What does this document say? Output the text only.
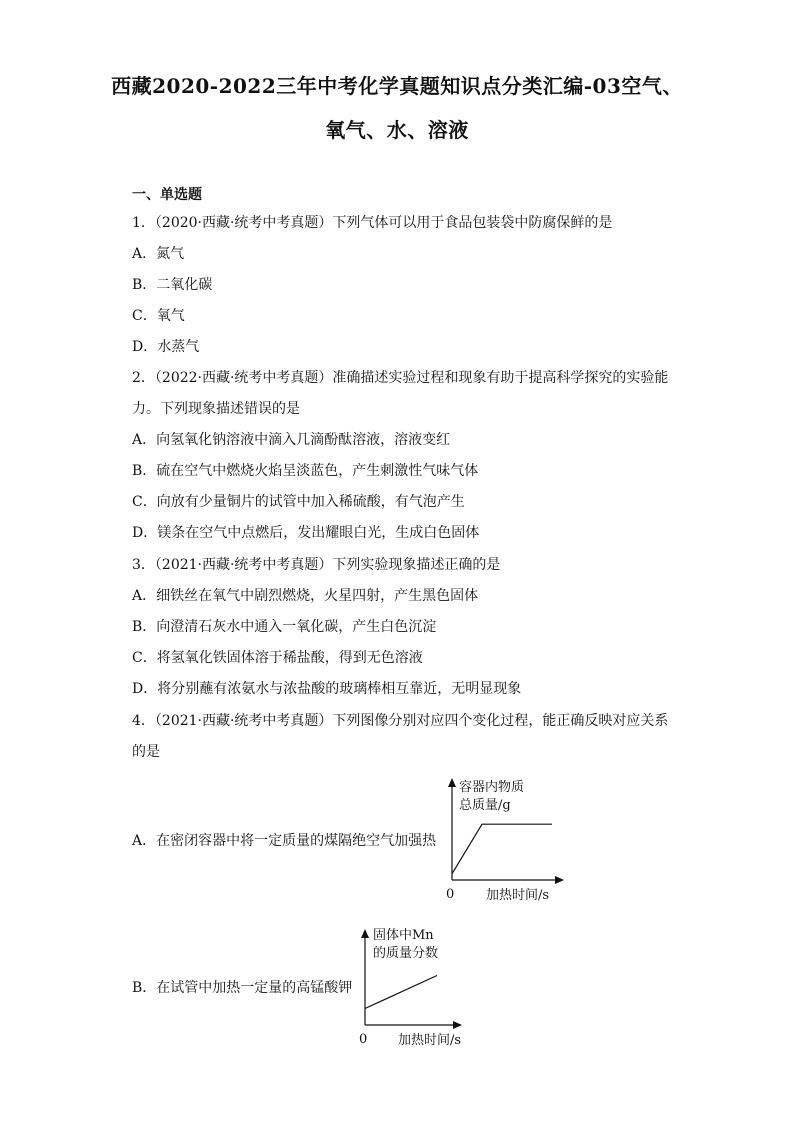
西藏2020-2022三年中考化学真题知识点分类汇编-03空气、
氧气、水、溶液
一、单选题
1．（2020·西藏·统考中考真题）下列气体可以用于食品包装袋中防腐保鲜的是
A．氮气
B．二氧化碳
C．氧气
D．水蒸气
2．（2022·西藏·统考中考真题）准确描述实验过程和现象有助于提高科学探究的实验能
力。下列现象描述错误的是
A．向氢氧化钠溶液中滴入几滴酚酞溶液，溶液变红
B．硫在空气中燃烧火焰呈淡蓝色，产生刺激性气味气体
C．向放有少量铜片的试管中加入稀硫酸，有气泡产生
D．镁条在空气中点燃后，发出耀眼白光，生成白色固体
3．（2021·西藏·统考中考真题）下列实验现象描述正确的是
A．细铁丝在氧气中剧烈燃烧，火星四射，产生黑色固体
B．向澄清石灰水中通入一氧化碳，产生白色沉淀
C．将氢氧化铁固体溶于稀盐酸，得到无色溶液
D．将分别蘸有浓氨水与浓盐酸的玻璃棒相互靠近，无明显现象
4．（2021·西藏·统考中考真题）下列图像分别对应四个变化过程，能正确反映对应关系
的是
A．在密闭容器中将一定质量的煤隔绝空气加强热
容器内物质
总质量/g
0 加热时间/s
B．在试管中加热一定量的高锰酸钾
固体中Mn
的质量分数
0 加热时间/s
